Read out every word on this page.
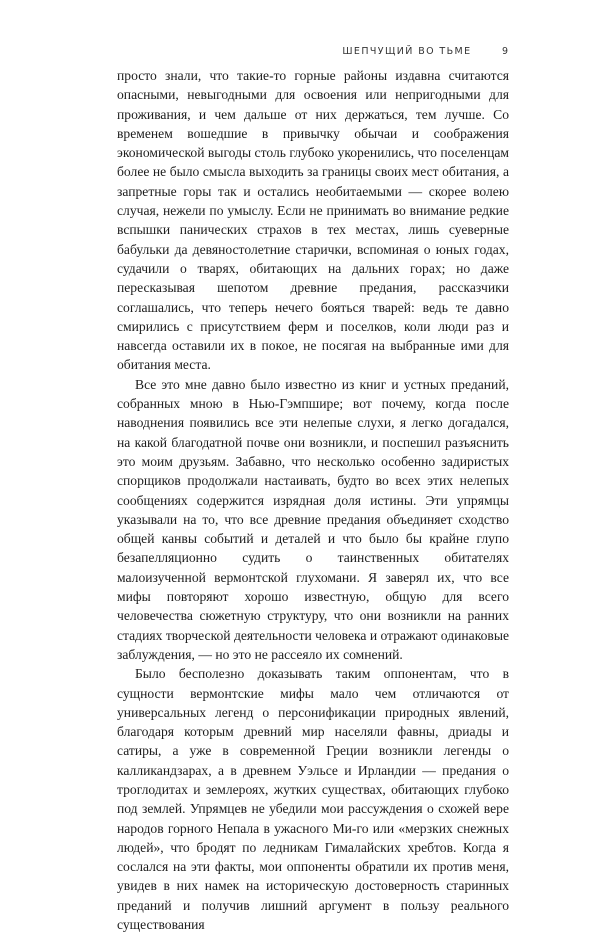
ШЕПЧУЩИЙ ВО ТЬМЕ	9

просто знали, что такие-то горные районы издавна считаются опасными, невыгодными для освоения или непригодными для проживания, и чем дальше от них держаться, тем лучше. Со временем вошедшие в привычку обычаи и соображения экономической выгоды столь глубоко укоренились, что поселенцам более не было смысла выходить за границы своих мест обитания, а запретные горы так и остались необитаемыми — скорее волею случая, нежели по умыслу. Если не принимать во внимание редкие вспышки панических страхов в тех местах, лишь суеверные бабульки да девяностолетние старички, вспоминая о юных годах, судачили о тварях, обитающих на дальних горах; но даже пересказывая шепотом древние предания, рассказчики соглашались, что теперь нечего бояться тварей: ведь те давно смирились с присутствием ферм и поселков, коли люди раз и навсегда оставили их в покое, не посягая на выбранные ими для обитания места.

Все это мне давно было известно из книг и устных преданий, собранных мною в Нью-Гэмпшире; вот почему, когда после наводнения появились все эти нелепые слухи, я легко догадался, на какой благодатной почве они возникли, и поспешил разъяснить это моим друзьям. Забавно, что несколько особенно задиристых спорщиков продолжали настаивать, будто во всех этих нелепых сообщениях содержится изрядная доля истины. Эти упрямцы указывали на то, что все древние предания объединяет сходство общей канвы событий и деталей и что было бы крайне глупо безапелляционно судить о таинственных обитателях малоизученной вермонтской глухомани. Я заверял их, что все мифы повторяют хорошо известную, общую для всего человечества сюжетную структуру, что они возникли на ранних стадиях творческой деятельности человека и отражают одинаковые заблуждения, — но это не рассеяло их сомнений.

Было бесполезно доказывать таким оппонентам, что в сущности вермонтские мифы мало чем отличаются от универсальных легенд о персонификации природных явлений, благодаря которым древний мир населяли фавны, дриады и сатиры, а уже в современной Греции возникли легенды о калликандзарах, а в древнем Уэльсе и Ирландии — предания о троглодитах и землероях, жутких существах, обитающих глубоко под землей. Упрямцев не убедили мои рассуждения о схожей вере народов горного Непала в ужасного Ми-го или «мерзких снежных людей», что бродят по ледникам Гималайских хребтов. Когда я сослался на эти факты, мои оппоненты обратили их против меня, увидев в них намек на историческую достоверность старинных преданий и получив лишний аргумент в пользу реального существования
